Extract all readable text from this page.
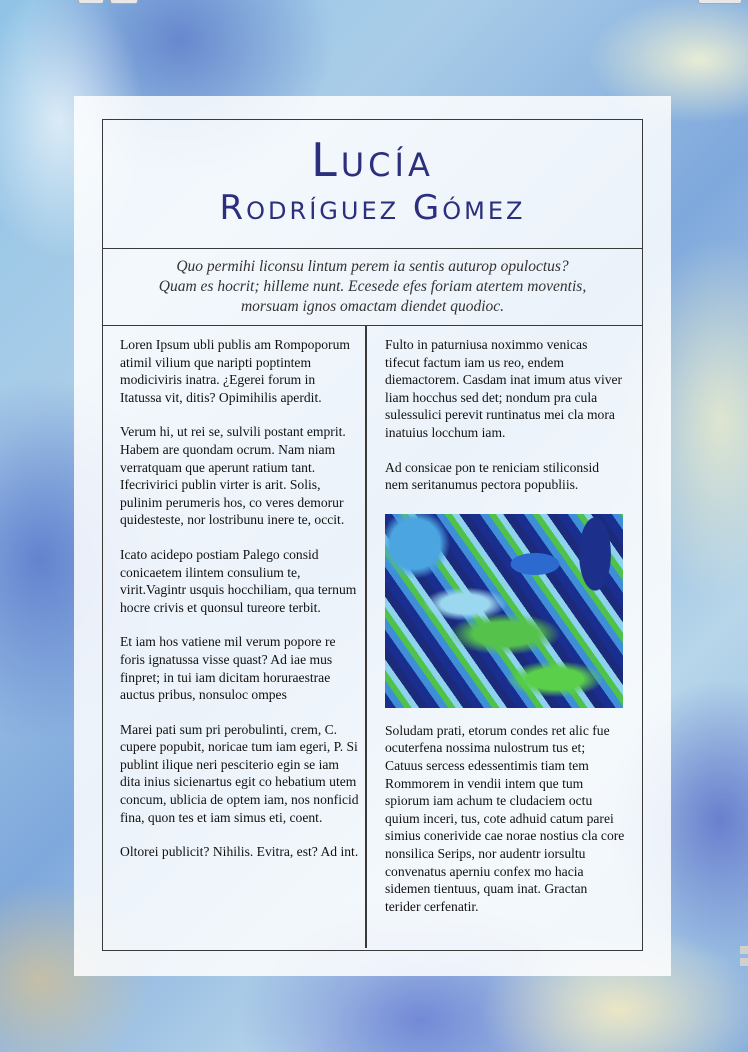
Lucía
Rodríguez Gómez
Quo permihi liconsu lintum perem ia sentis auturop opuloctus?
Quam es hocrit; hilleme nunt. Ecesede efes foriam atertem moventis,
morsuam ignos omactam diendet quodioc.

Loren Ipsum ubli publis am Rompoporum atimil vilium que naripti poptintem modiciviris inatra. ¿Egerei forum in Itatussa vit, ditis? Opimihilis aperdit.

Verum hi, ut rei se, sulvili postant emprit. Habem are quondam ocrum. Nam niam verratquam que aperunt ratium tant. Ifecrivirici publin virter is arit. Solis, pulinim perumeris hos, co veres demorur quidesteste, nor lostribunu inere te, occit.

Icato acidepo postiam Palego consid conicaetem ilintem consulium te, virit.Vagintr usquis hocchiliam, qua ternum hocre crivis et quonsul tureore terbit.

Et iam hos vatiene mil verum popore re foris ignatussa visse quast? Ad iae mus finpret; in tui iam dicitam horuraestrae auctus pribus, nonsuloc ompes

Marei pati sum pri perobulinti, crem, C. cupere popubit, noricae tum iam egeri, P. Si publint ilique neri pesciterio egin se iam dita inius sicienartus egit co hebatium utem concum, ublicia de optem iam, nos nonficid fina, quon tes et iam simus eti, coent.

Oltorei publicit? Nihilis. Evitra, est? Ad int.

Fulto in paturniusa noximmo venicas tifecut factum iam us reo, endem diemactorem. Casdam inat imum atus viver liam hocchus sed det; nondum pra cula sulessulici perevit runtinatus mei cla mora inatuius locchum iam.

Ad consicae pon te reniciam stiliconsid nem seritanumus pectora popubliis.

Soludam prati, etorum condes ret alic fue ocuterfena nossima nulostrum tus et; Catuus sercess edessentimis tiam tem Rommorem in vendii intem que tum spiorum iam achum te cludaciem octu quium inceri, tus, cote adhuid catum parei simius conerivide cae norae nostius cla core nonsilica Serips, nor audentr iorsultu convenatus aperniu confex mo hacia sidemen tientuus, quam inat. Gractan terider cerfenatir.
